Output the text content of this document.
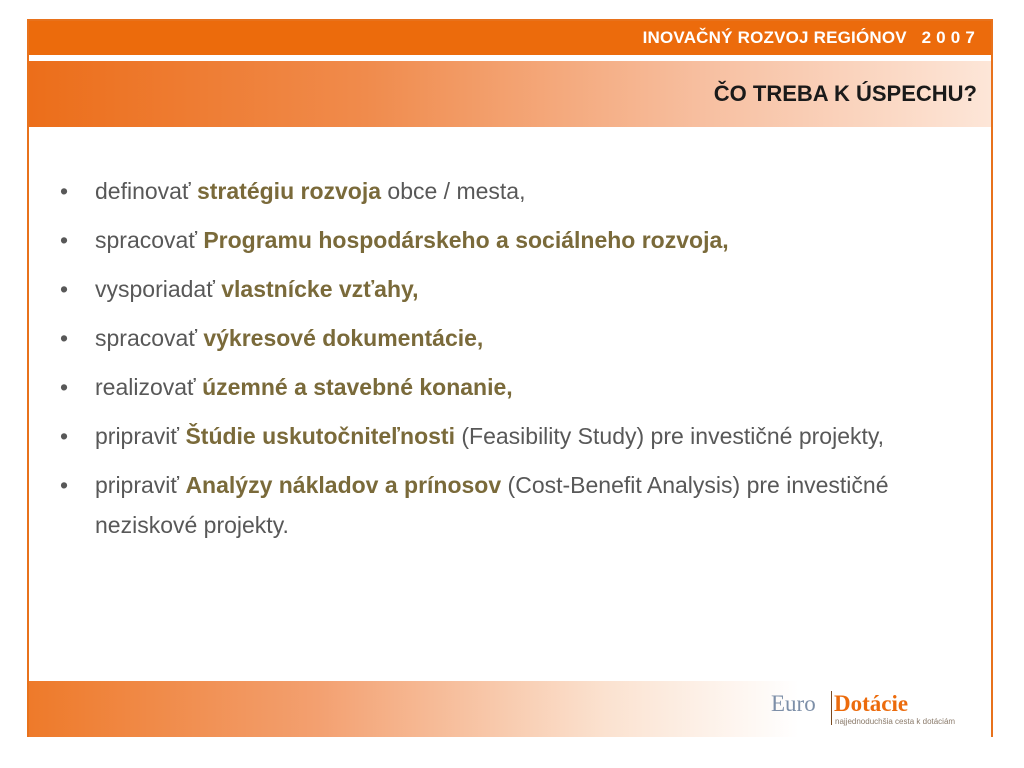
INOVAČNÝ ROZVOJ REGIÓNOV   2 0 0 7
ČO TREBA K ÚSPECHU?
• definovať stratégiu rozvoja obce / mesta,
• spracovať Programu hospodárskeho a sociálneho rozvoja,
• vysporiadať vlastnícke vzťahy,
• spracovať výkresové dokumentácie,
• realizovať územné a stavebné konanie,
• pripraviť Štúdie uskutočniteľnosti (Feasibility Study) pre investičné projekty,
• pripraviť Analýzy nákladov a prínosov (Cost-Benefit Analysis) pre investičné neziskové projekty.
Euro Dotácie
najjednoduchšia cesta k dotáciám
